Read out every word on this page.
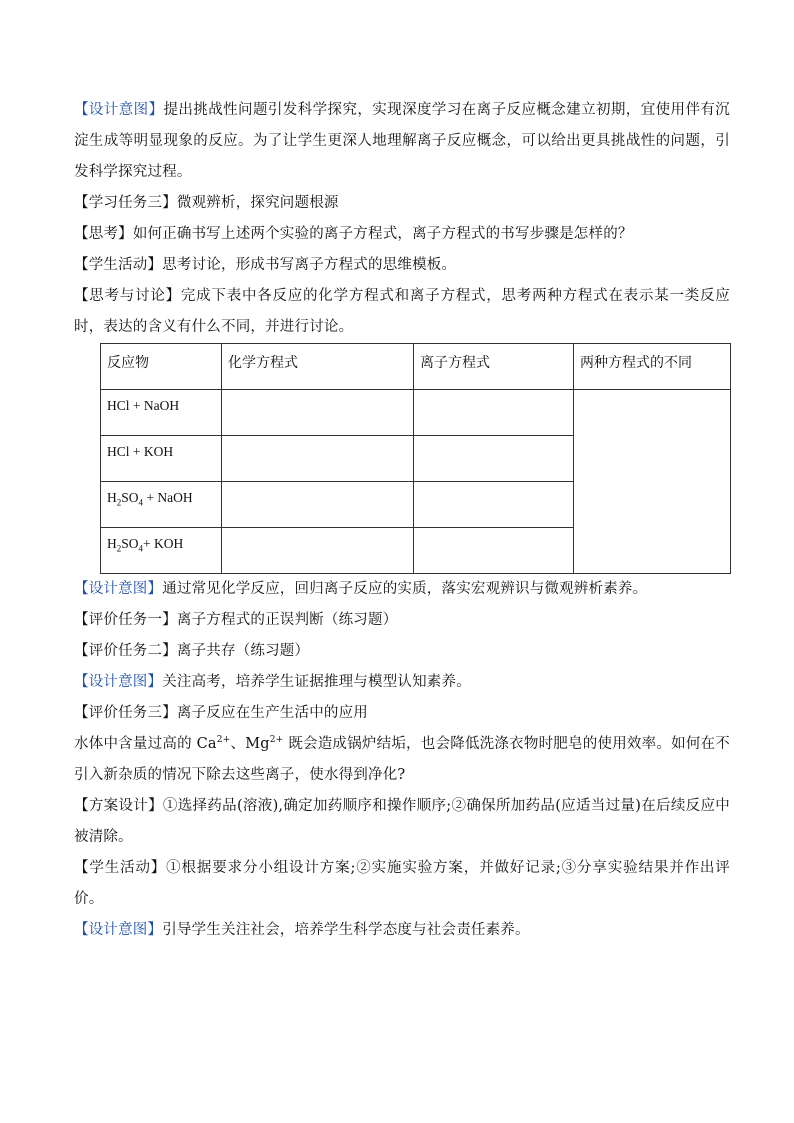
【设计意图】提出挑战性问题引发科学探究，实现深度学习在离子反应概念建立初期，宜使用伴有沉淀生成等明显现象的反应。为了让学生更深人地理解离子反应概念，可以给出更具挑战性的问题，引发科学探究过程。

【学习任务三】微观辨析，探究问题根源

【思考】如何正确书写上述两个实验的离子方程式，离子方程式的书写步骤是怎样的？

【学生活动】思考讨论，形成书写离子方程式的思维模板。

【思考与讨论】完成下表中各反应的化学方程式和离子方程式，思考两种方程式在表示某一类反应时，表达的含义有什么不同，并进行讨论。

反应物	化学方程式	离子方程式	两种方程式的不同
HCl + NaOH			
HCl + KOH			
$H_2SO_4$ + NaOH			
$H_2SO_4+$ KOH			

【设计意图】通过常见化学反应，回归离子反应的实质，落实宏观辨识与微观辨析素养。

【评价任务一】离子方程式的正误判断（练习题）

【评价任务二】离子共存（练习题）

【设计意图】关注高考，培养学生证据推理与模型认知素养。

【评价任务三】离子反应在生产生活中的应用

水体中含量过高的 $Ca^{2+}$、$Mg^{2+}$ 既会造成锅炉结垢，也会降低洗涤衣物时肥皂的使用效率。如何在不引入新杂质的情况下除去这些离子，使水得到净化?

【方案设计】①选择药品(溶液),确定加药顺序和操作顺序;②确保所加药品(应适当过量)在后续反应中被清除。

【学生活动】①根据要求分小组设计方案;②实施实验方案，并做好记录;③分享实验结果并作出评价。

【设计意图】引导学生关注社会，培养学生科学态度与社会责任素养。
